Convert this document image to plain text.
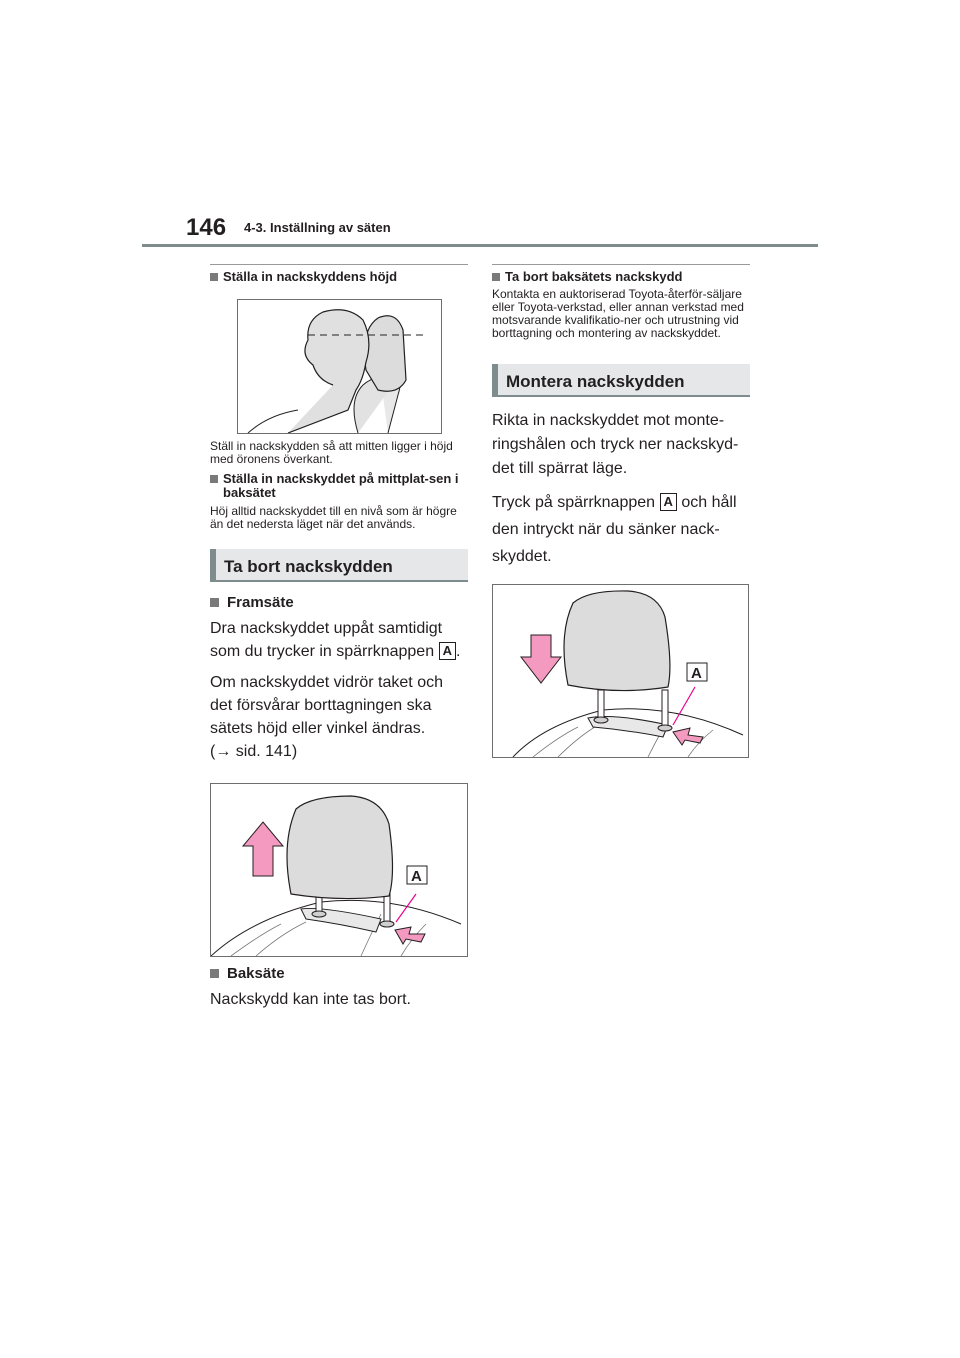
146 4-3. Inställning av säten
Ställa in nackskyddens höjd
Ställ in nackskydden så att mitten ligger i höjd med öronens överkant.
Ställa in nackskyddet på mittplat-sen i baksätet
Höj alltid nackskyddet till en nivå som är högre än det nedersta läget när det används.
Ta bort nackskydden
Framsäte
Dra nackskyddet uppåt samtidigt som du trycker in spärrknappen A .
Om nackskyddet vidrör taket och det försvårar borttagningen ska sätets höjd eller vinkel ändras.
(→ sid. 141)
A
Baksäte
Nackskydd kan inte tas bort.
Ta bort baksätets nackskydd
Kontakta en auktoriserad Toyota-återför-säljare eller Toyota-verkstad, eller annan verkstad med motsvarande kvalifikatio-ner och utrustning vid borttagning och montering av nackskyddet.
Montera nackskydden
Rikta in nackskyddet mot monte-ringshålen och tryck ner nackskyd-det till spärrat läge.
Tryck på spärrknappen A och håll den intryckt när du sänker nack-skyddet.
A
